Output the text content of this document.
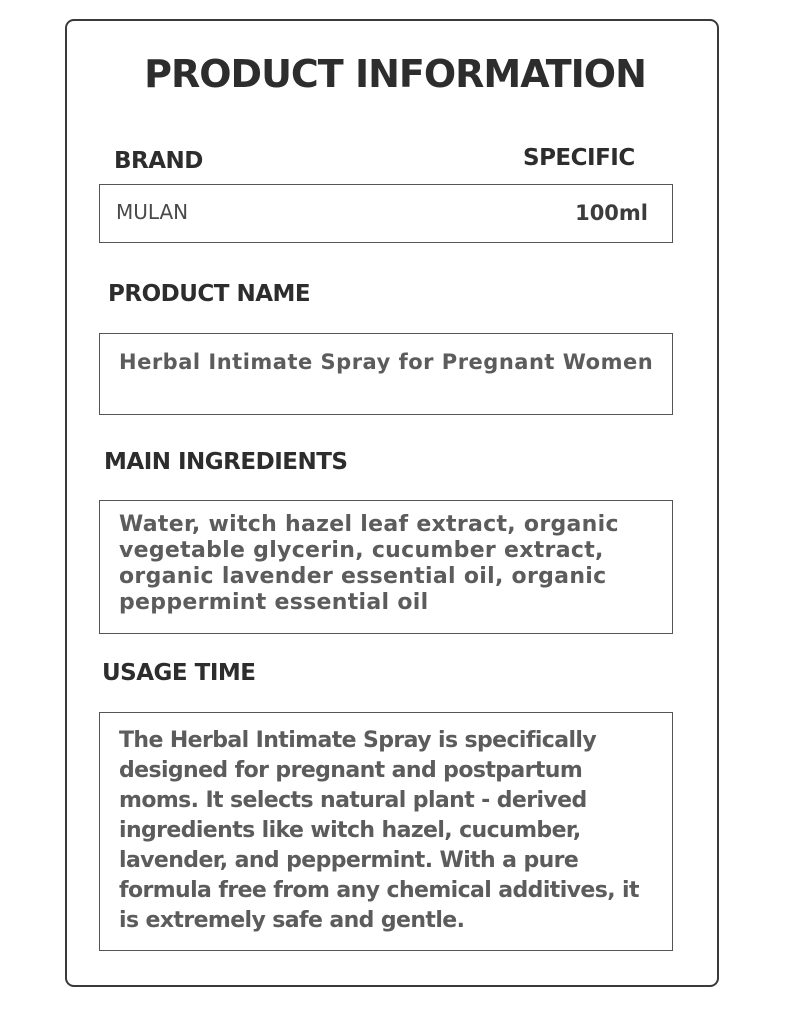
PRODUCT INFORMATION
BRAND	SPECIFIC
MULAN	100ml
PRODUCT NAME
Herbal Intimate Spray for Pregnant Women
MAIN INGREDIENTS
Water, witch hazel leaf extract, organic vegetable glycerin, cucumber extract, organic lavender essential oil, organic peppermint essential oil
USAGE TIME
The Herbal Intimate Spray is specifically designed for pregnant and postpartum moms. It selects natural plant - derived ingredients like witch hazel, cucumber, lavender, and peppermint. With a pure formula free from any chemical additives, it is extremely safe and gentle.
